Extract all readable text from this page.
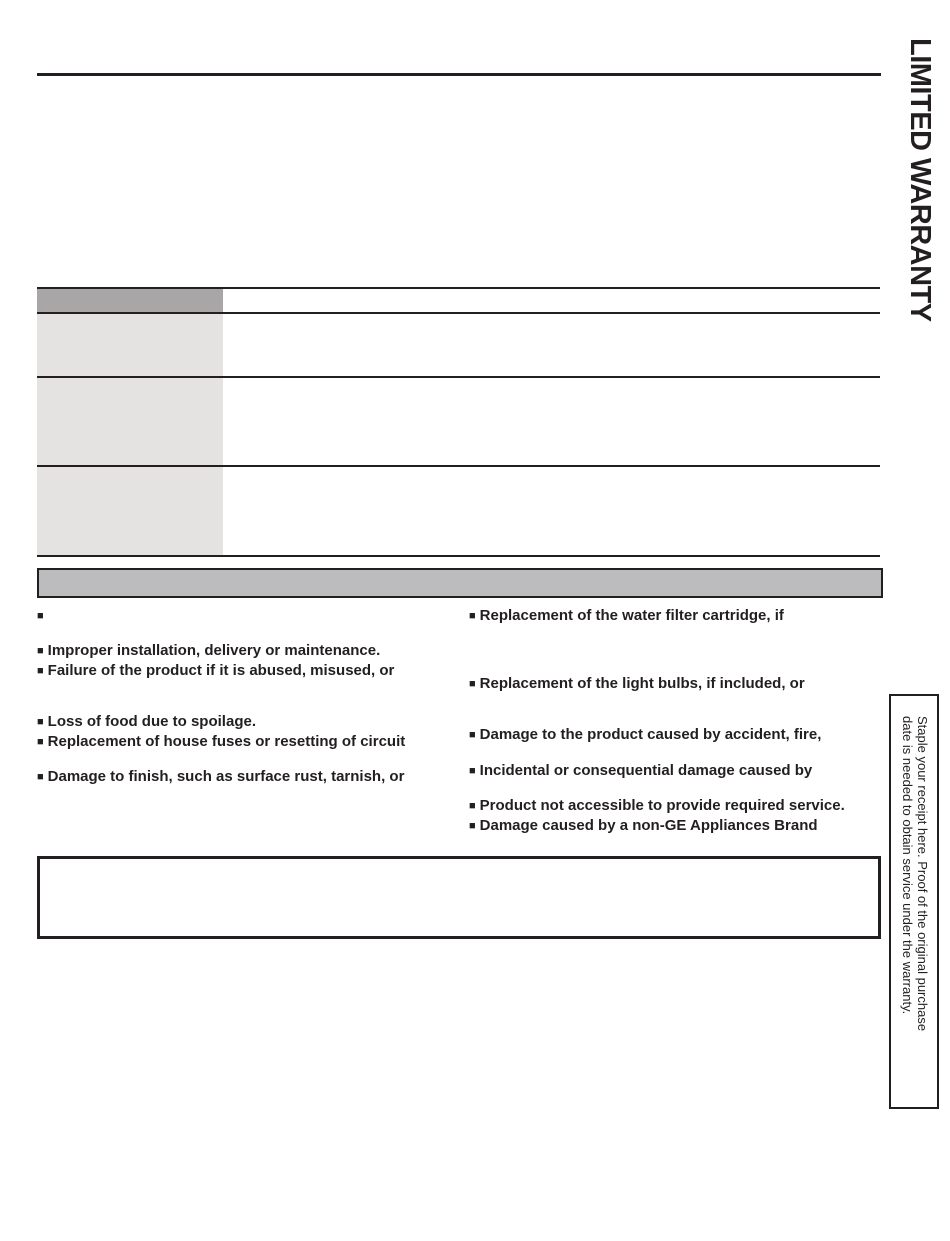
LIMITED WARRANTY
■
■ Improper installation, delivery or maintenance.
■ Failure of the product if it is abused, misused, or
■ Loss of food due to spoilage.
■ Replacement of house fuses or resetting of circuit
■ Damage to finish, such as surface rust, tarnish, or
■ Replacement of the water filter cartridge, if
■ Replacement of the light bulbs, if included, or
■ Damage to the product caused by accident, fire,
■ Incidental or consequential damage caused by
■ Product not accessible to provide required service.
■ Damage caused by a non-GE Appliances Brand	Staple your receipt here. Proof of the original purchase
date is needed to obtain service under the warranty.
